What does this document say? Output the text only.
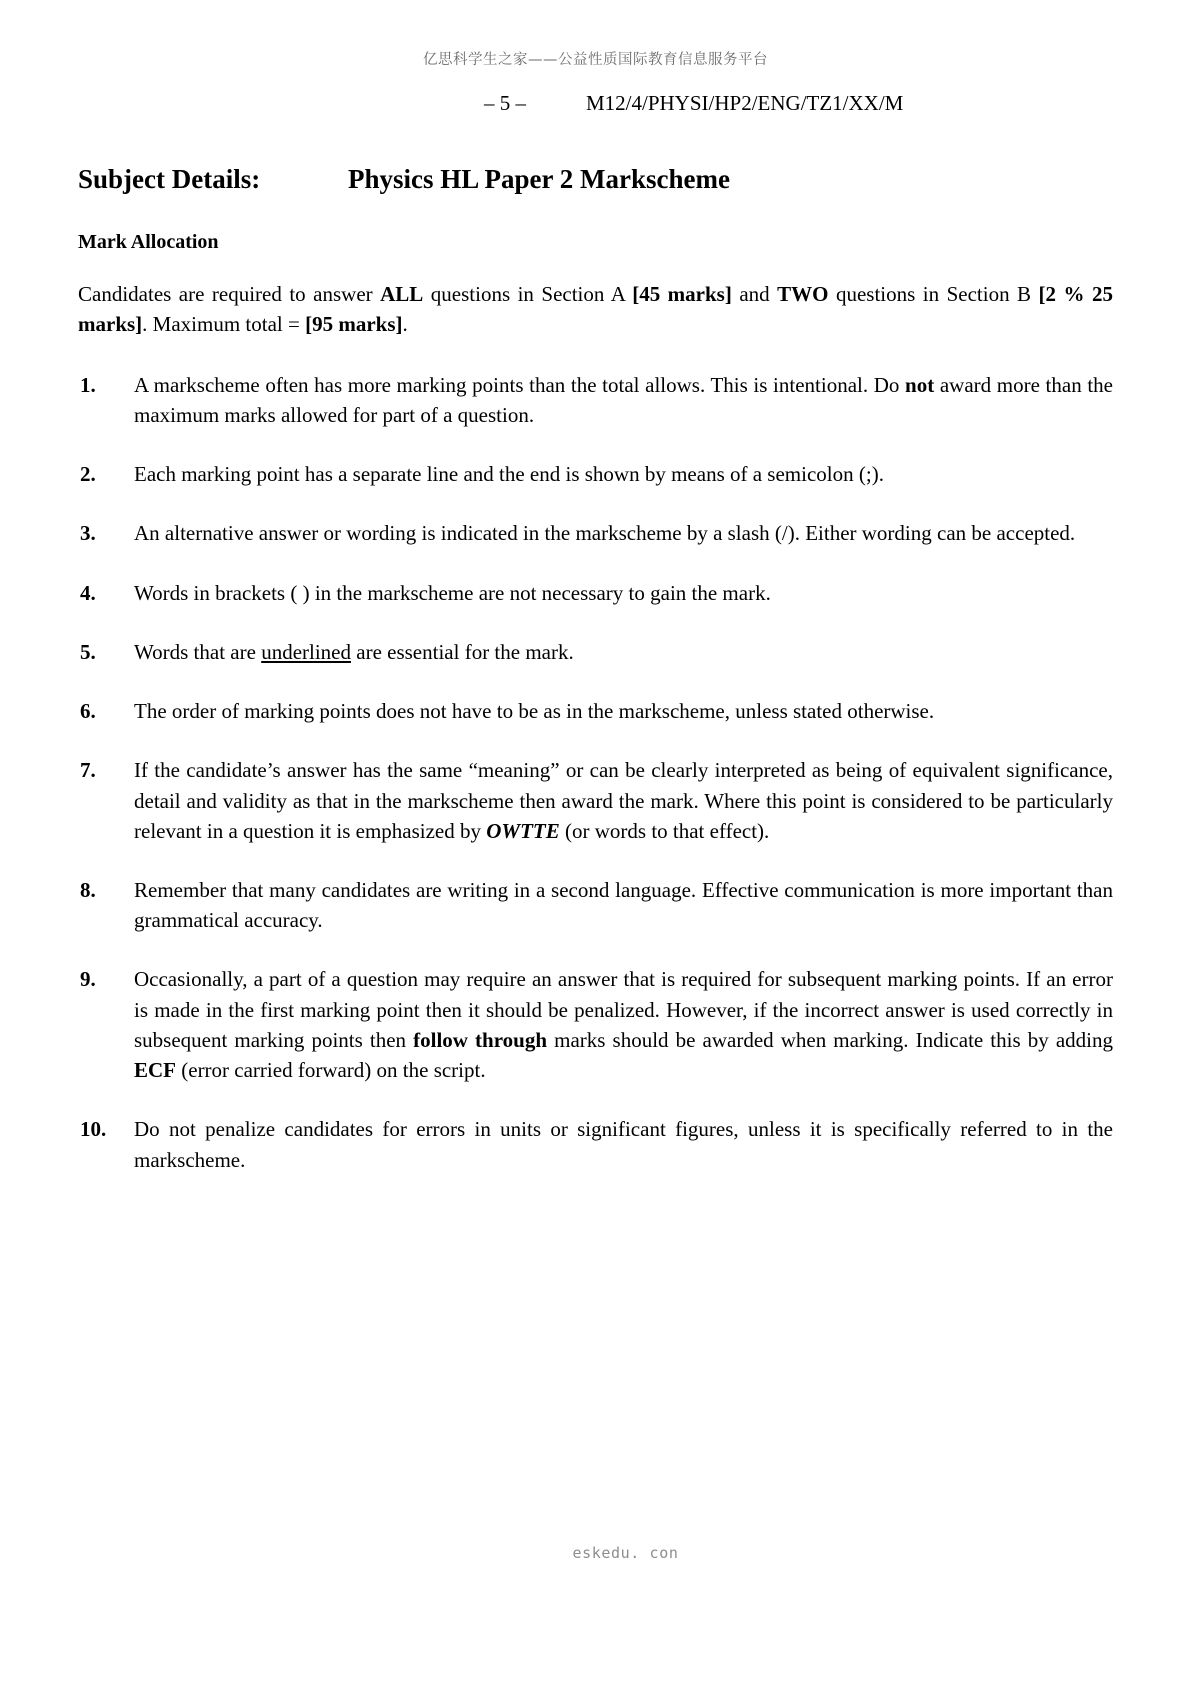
亿思科学生之家——公益性质国际教育信息服务平台
– 5 –	M12/4/PHYSI/HP2/ENG/TZ1/XX/M
Subject Details:	Physics HL Paper 2 Markscheme
Mark Allocation

Candidates are required to answer ALL questions in Section A [45 marks] and TWO questions in Section B [2 % 25 marks]. Maximum total = [95 marks].

1.	A markscheme often has more marking points than the total allows. This is intentional. Do not award more than the maximum marks allowed for part of a question.
2.	Each marking point has a separate line and the end is shown by means of a semicolon (;).
3.	An alternative answer or wording is indicated in the markscheme by a slash (/). Either wording can be accepted.
4.	Words in brackets ( ) in the markscheme are not necessary to gain the mark.
5.	Words that are underlined are essential for the mark.
6.	The order of marking points does not have to be as in the markscheme, unless stated otherwise.
7.	If the candidate’s answer has the same “meaning” or can be clearly interpreted as being of equivalent significance, detail and validity as that in the markscheme then award the mark. Where this point is considered to be particularly relevant in a question it is emphasized by OWTTE (or words to that effect).
8.	Remember that many candidates are writing in a second language. Effective communication is more important than grammatical accuracy.
9.	Occasionally, a part of a question may require an answer that is required for subsequent marking points. If an error is made in the first marking point then it should be penalized. However, if the incorrect answer is used correctly in subsequent marking points then follow through marks should be awarded when marking. Indicate this by adding ECF (error carried forward) on the script.
10.	Do not penalize candidates for errors in units or significant figures, unless it is specifically referred to in the markscheme.
eskedu. con
